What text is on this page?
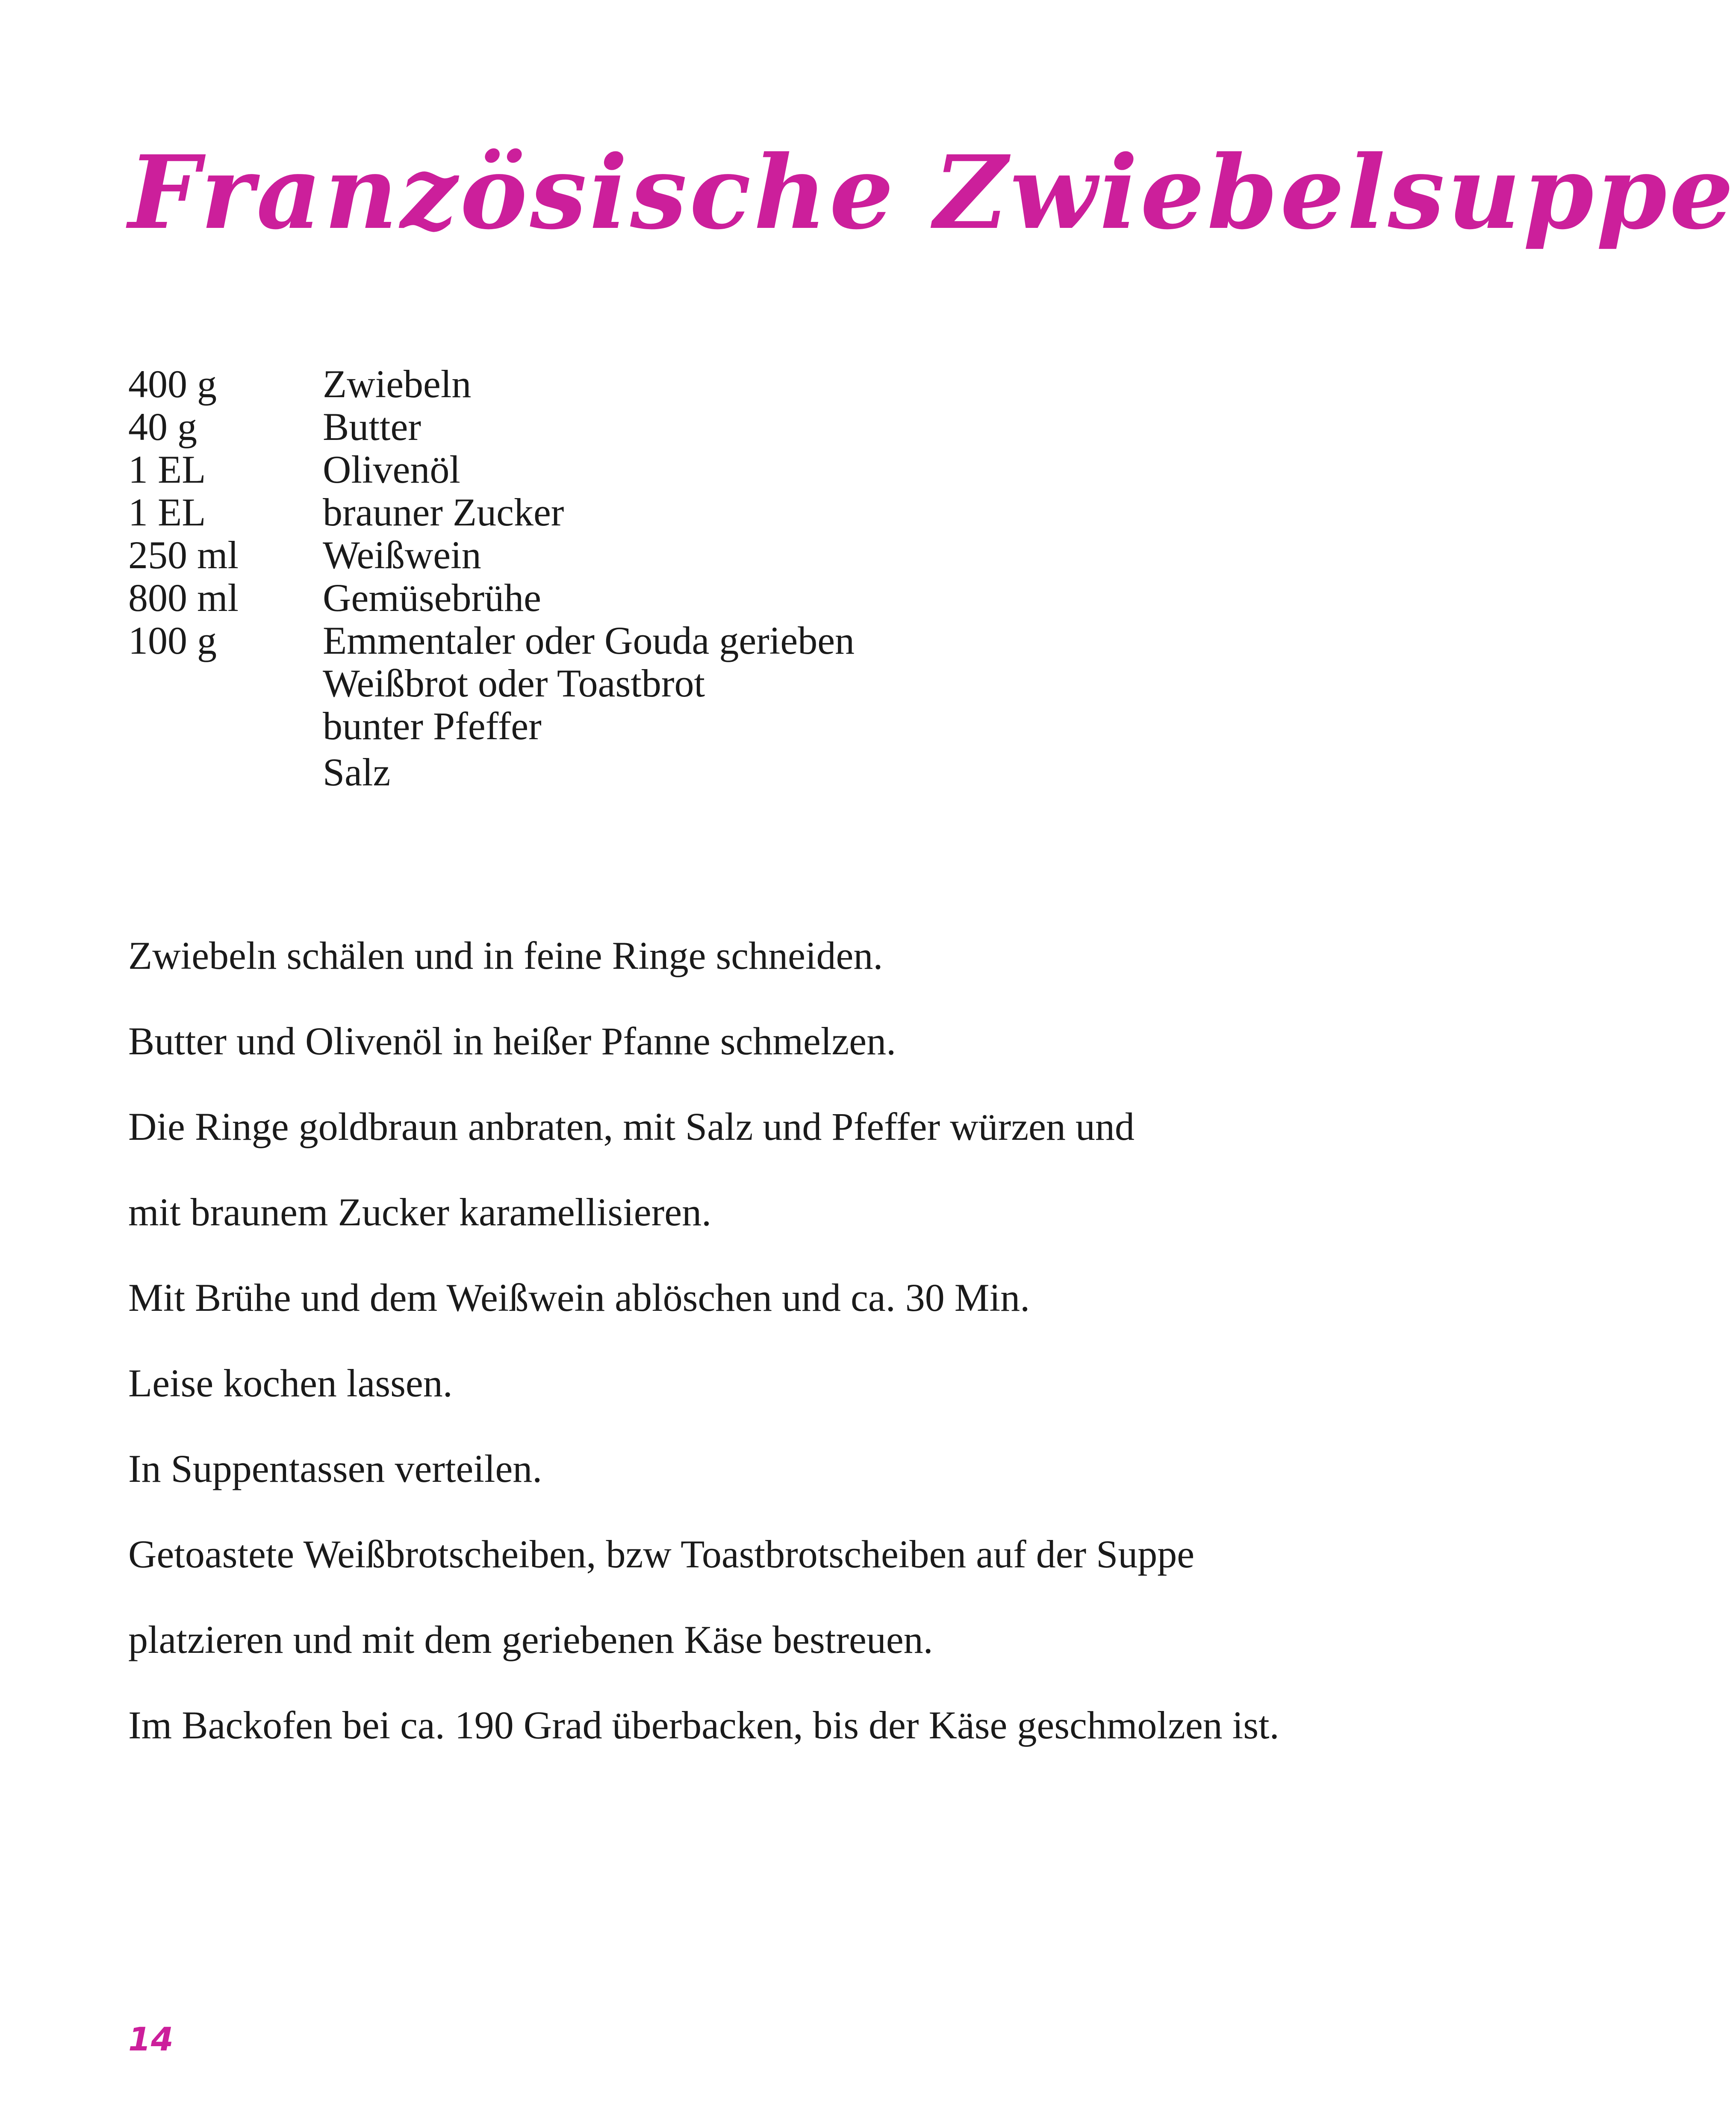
Französische Zwiebelsuppe
400 g	Zwiebeln
40 g	Butter
1 EL	Olivenöl
1 EL	brauner Zucker
250 ml Weißwein
800 ml Gemüsebrühe
100 g	Emmentaler oder Gouda gerieben
Weißbrot oder Toastbrot
bunter Pfeffer
Salz
Zwiebeln schälen und in feine Ringe schneiden.
Butter und Olivenöl in heißer Pfanne schmelzen.
Die Ringe goldbraun anbraten, mit Salz und Pfeffer würzen und
mit braunem Zucker karamellisieren.
Mit Brühe und dem Weißwein ablöschen und ca. 30 Min.
Leise kochen lassen.
In Suppentassen verteilen.
Getoastete Weißbrotscheiben, bzw Toastbrotscheiben auf der Suppe
platzieren und mit dem geriebenen Käse bestreuen.
Im Backofen bei ca. 190 Grad überbacken, bis der Käse geschmolzen ist.
14
